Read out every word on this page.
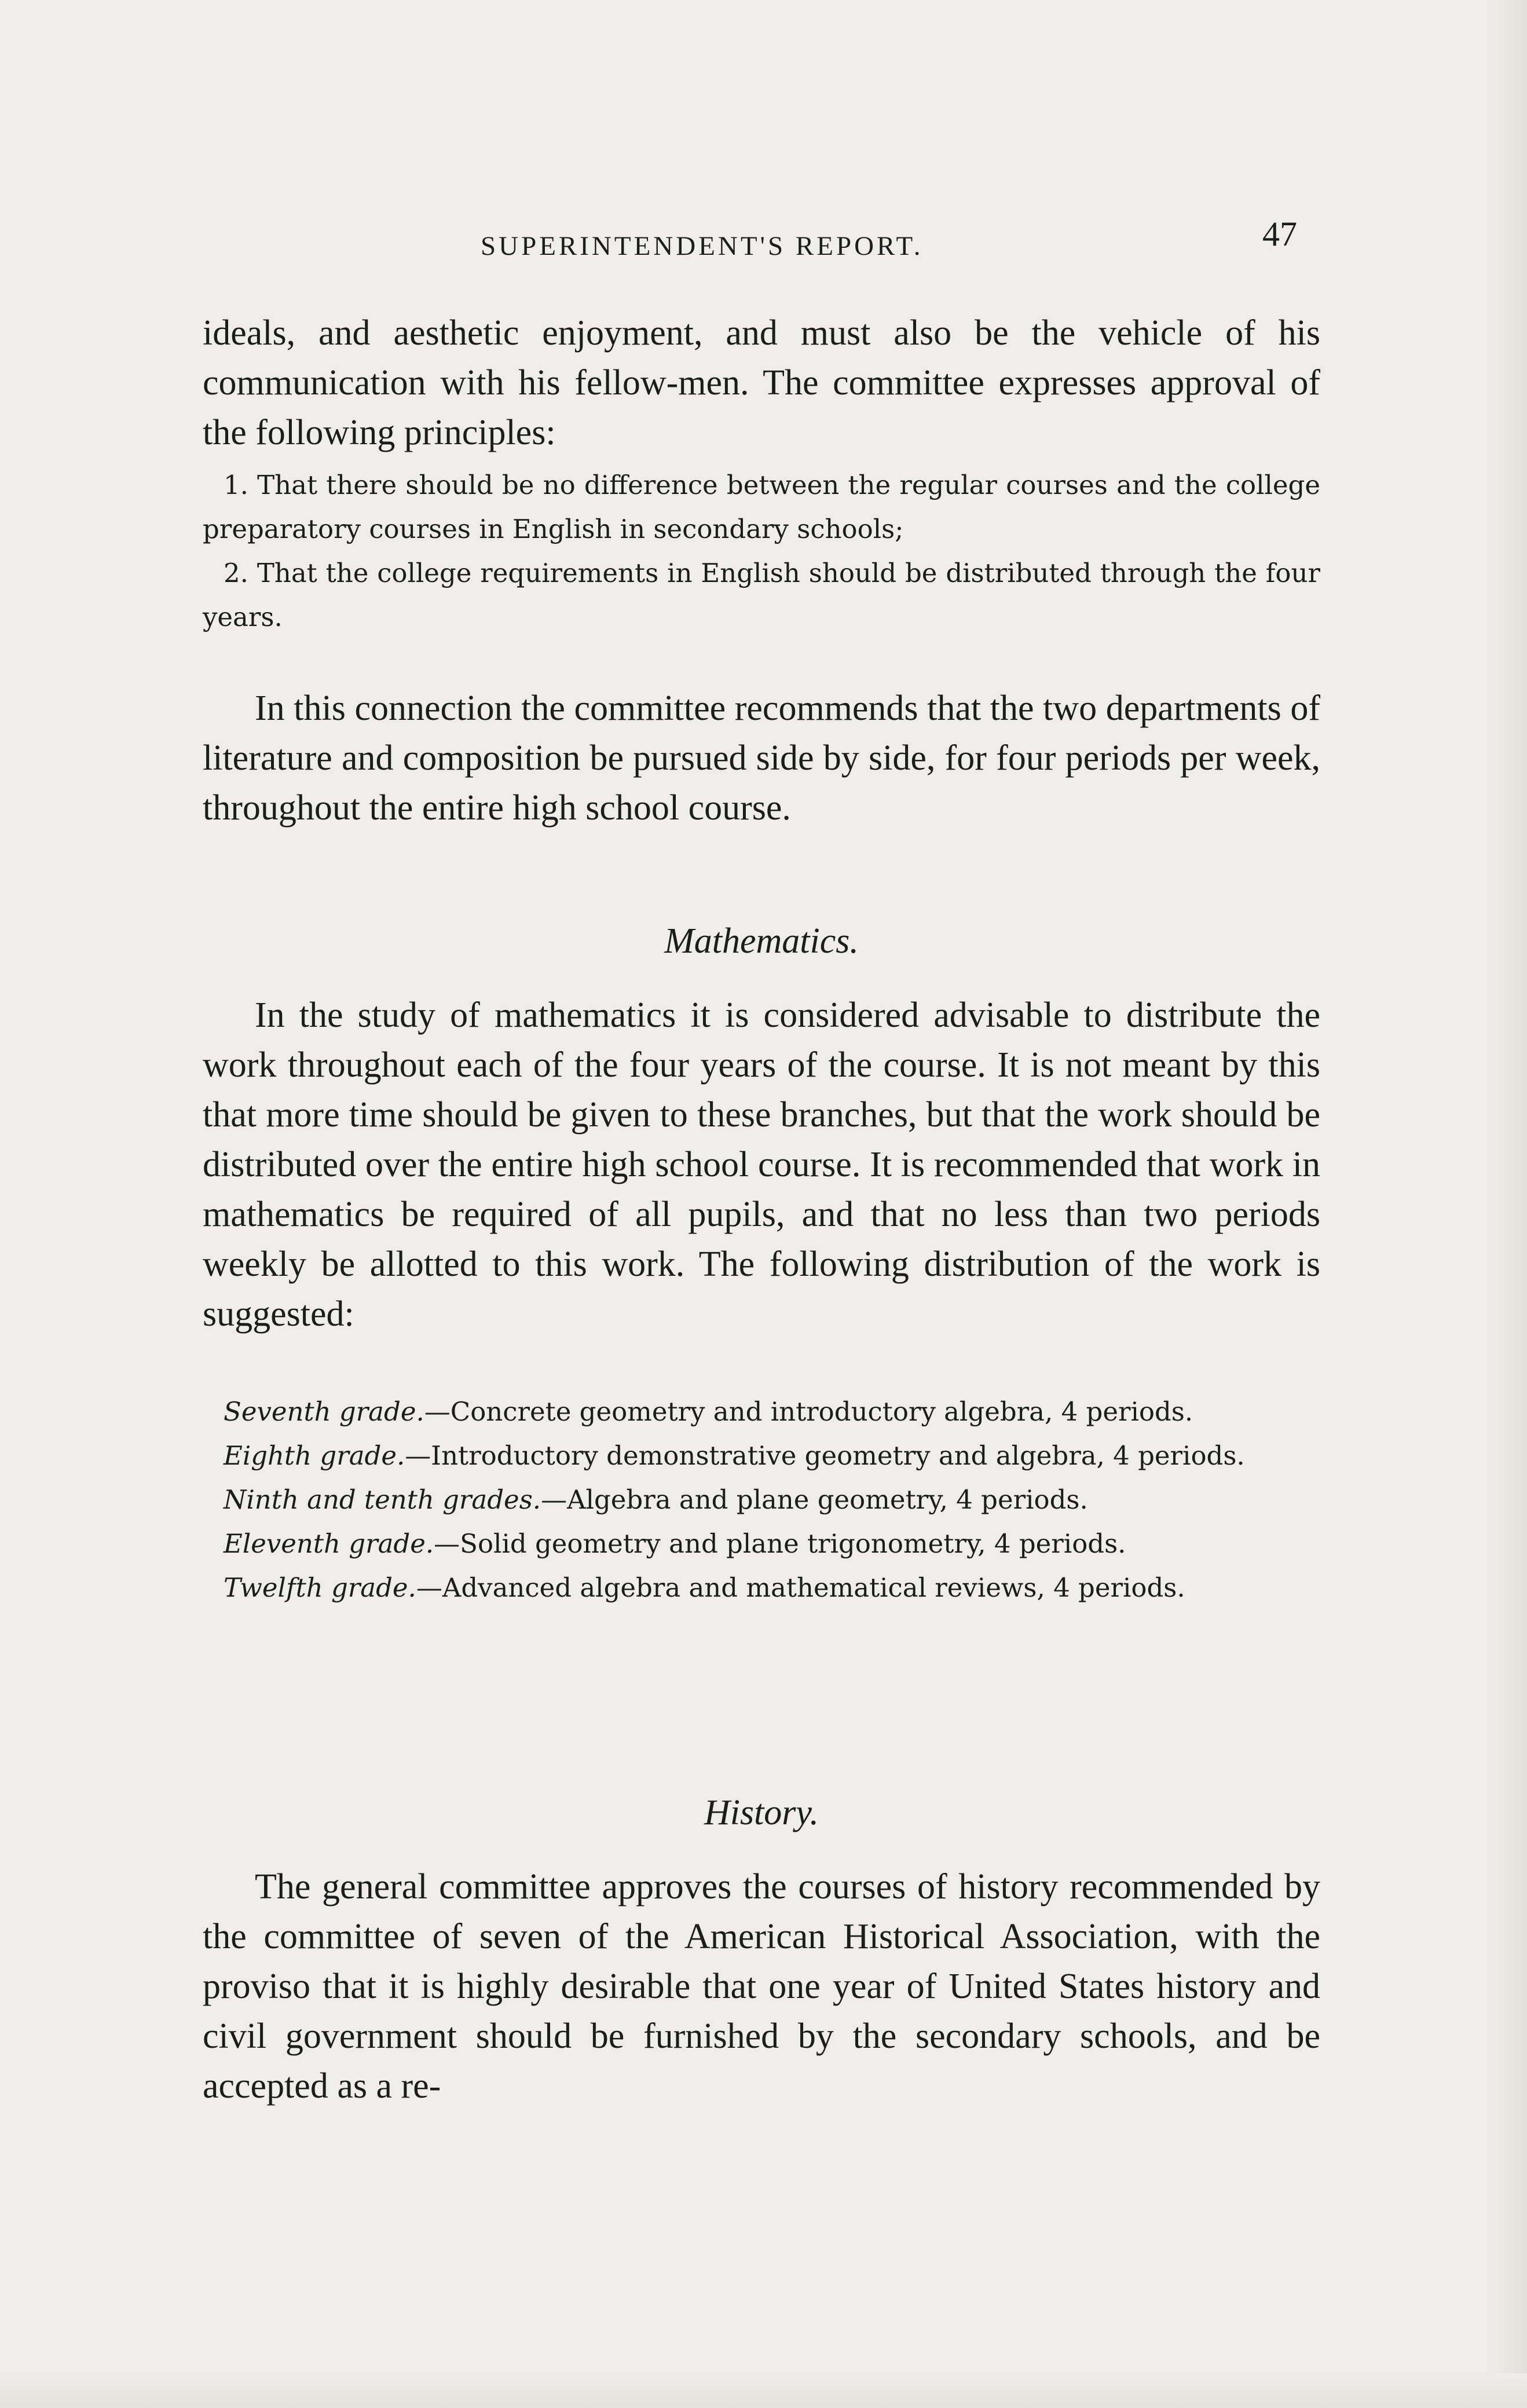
SUPERINTENDENT'S REPORT.	47

ideals, and aesthetic enjoyment, and must also be the vehicle of his communication with his fellow-men. The committee expresses approval of the following principles:

1. That there should be no difference between the regular courses and the college preparatory courses in English in secondary schools;

2. That the college requirements in English should be distributed through the four years.

In this connection the committee recommends that the two departments of literature and composition be pursued side by side, for four periods per week, throughout the entire high school course.

Mathematics.

In the study of mathematics it is considered advisable to distribute the work throughout each of the four years of the course. It is not meant by this that more time should be given to these branches, but that the work should be distributed over the entire high school course. It is recommended that work in mathematics be required of all pupils, and that no less than two periods weekly be allotted to this work. The following distribution of the work is suggested:

Seventh grade.—Concrete geometry and introductory algebra, 4 periods.

Eighth grade.—Introductory demonstrative geometry and algebra, 4 periods.

Ninth and tenth grades.—Algebra and plane geometry, 4 periods.

Eleventh grade.—Solid geometry and plane trigonometry, 4 periods.

Twelfth grade.—Advanced algebra and mathematical reviews, 4 periods.

History.

The general committee approves the courses of history recommended by the committee of seven of the American Historical Association, with the proviso that it is highly desirable that one year of United States history and civil government should be furnished by the secondary schools, and be accepted as a re-
